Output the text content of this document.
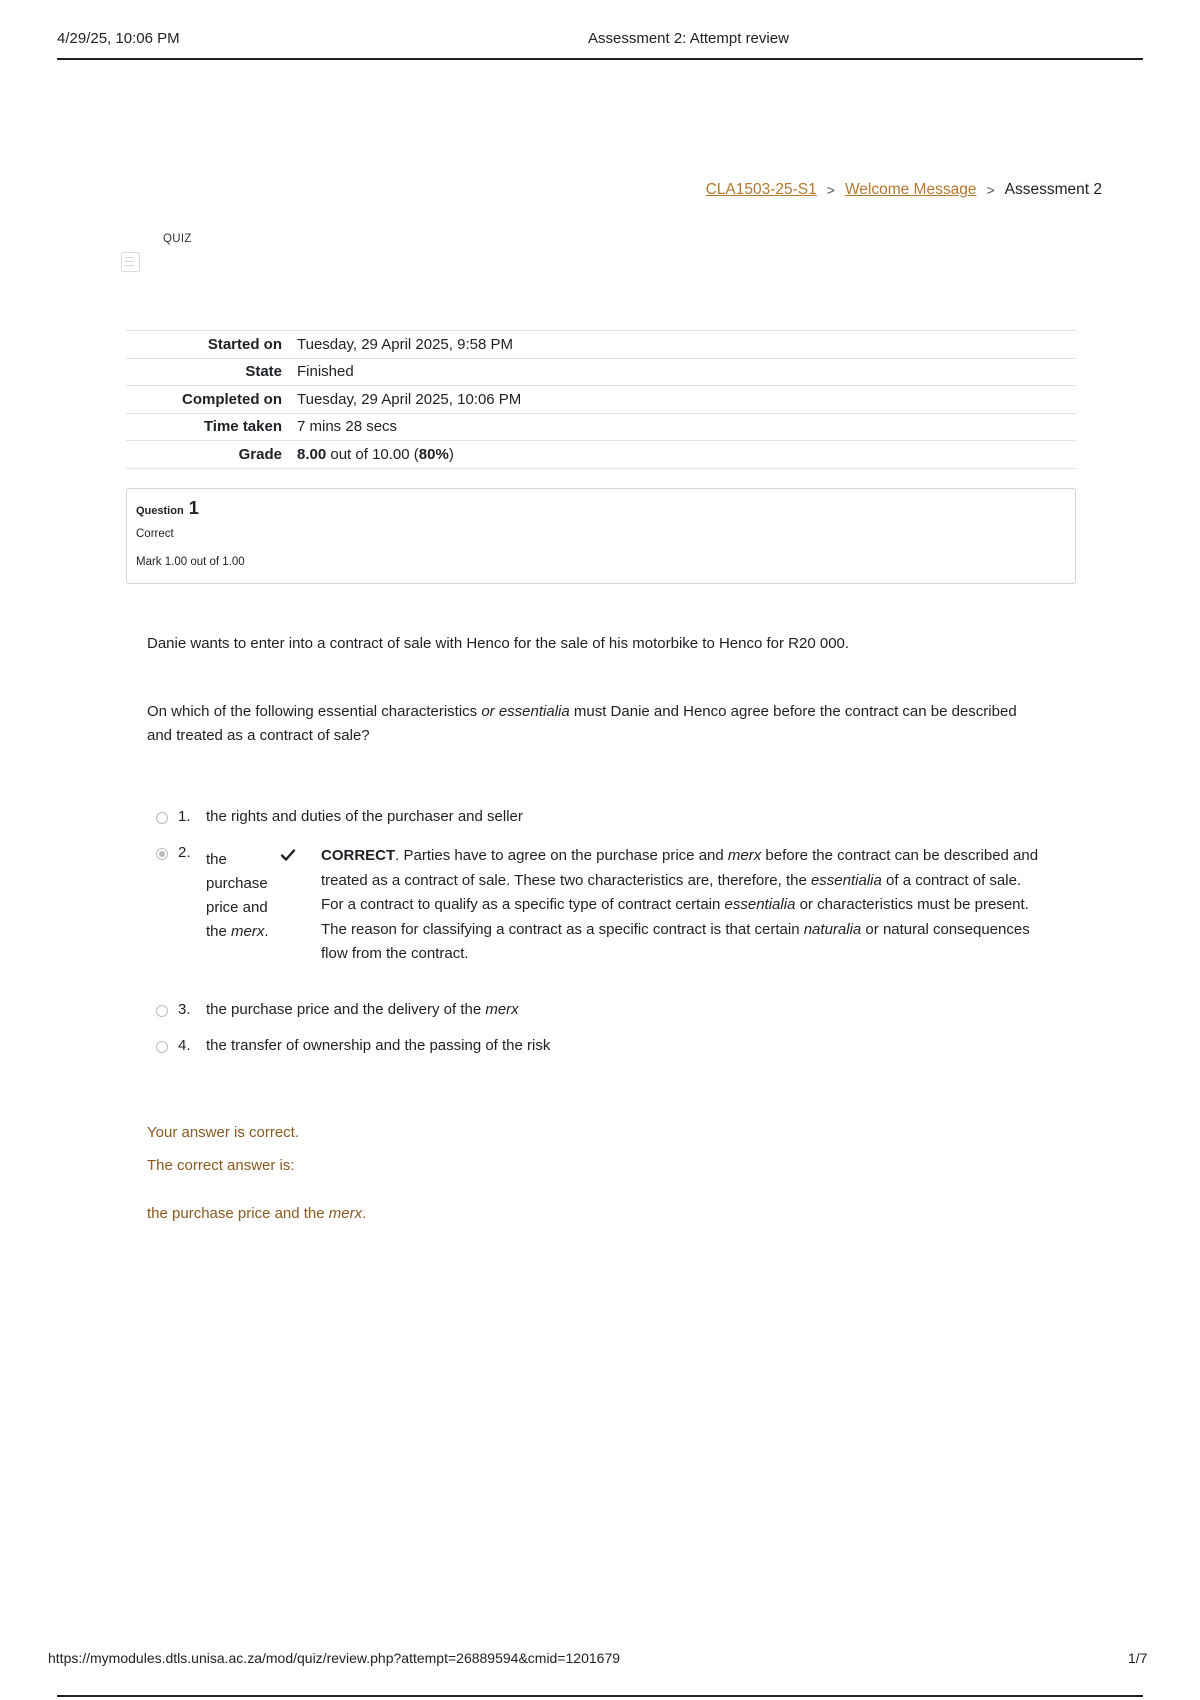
4/29/25, 10:06 PM	Assessment 2: Attempt review
CLA1503-25-S1 > Welcome Message > Assessment 2
QUIZ
Started on	Tuesday, 29 April 2025, 9:58 PM
State	Finished
Completed on	Tuesday, 29 April 2025, 10:06 PM
Time taken	7 mins 28 secs
Grade	8.00 out of 10.00 (80%)
Question 1
Correct
Mark 1.00 out of 1.00
Danie wants to enter into a contract of sale with Henco for the sale of his motorbike to Henco for R20 000.
On which of the following essential characteristics or essentialia must Danie and Henco agree before the contract can be described and treated as a contract of sale?
1.	the rights and duties of the purchaser and seller
2.	the purchase price and the merx.
CORRECT. Parties have to agree on the purchase price and merx before the contract can be described and treated as a contract of sale. These two characteristics are, therefore, the essentialia of a contract of sale. For a contract to qualify as a specific type of contract certain essentialia or characteristics must be present. The reason for classifying a contract as a specific contract is that certain naturalia or natural consequences flow from the contract.
3.	the purchase price and the delivery of the merx
4.	the transfer of ownership and the passing of the risk
Your answer is correct.
The correct answer is:
the purchase price and the merx.
https://mymodules.dtls.unisa.ac.za/mod/quiz/review.php?attempt=26889594&cmid=1201679	1/7
